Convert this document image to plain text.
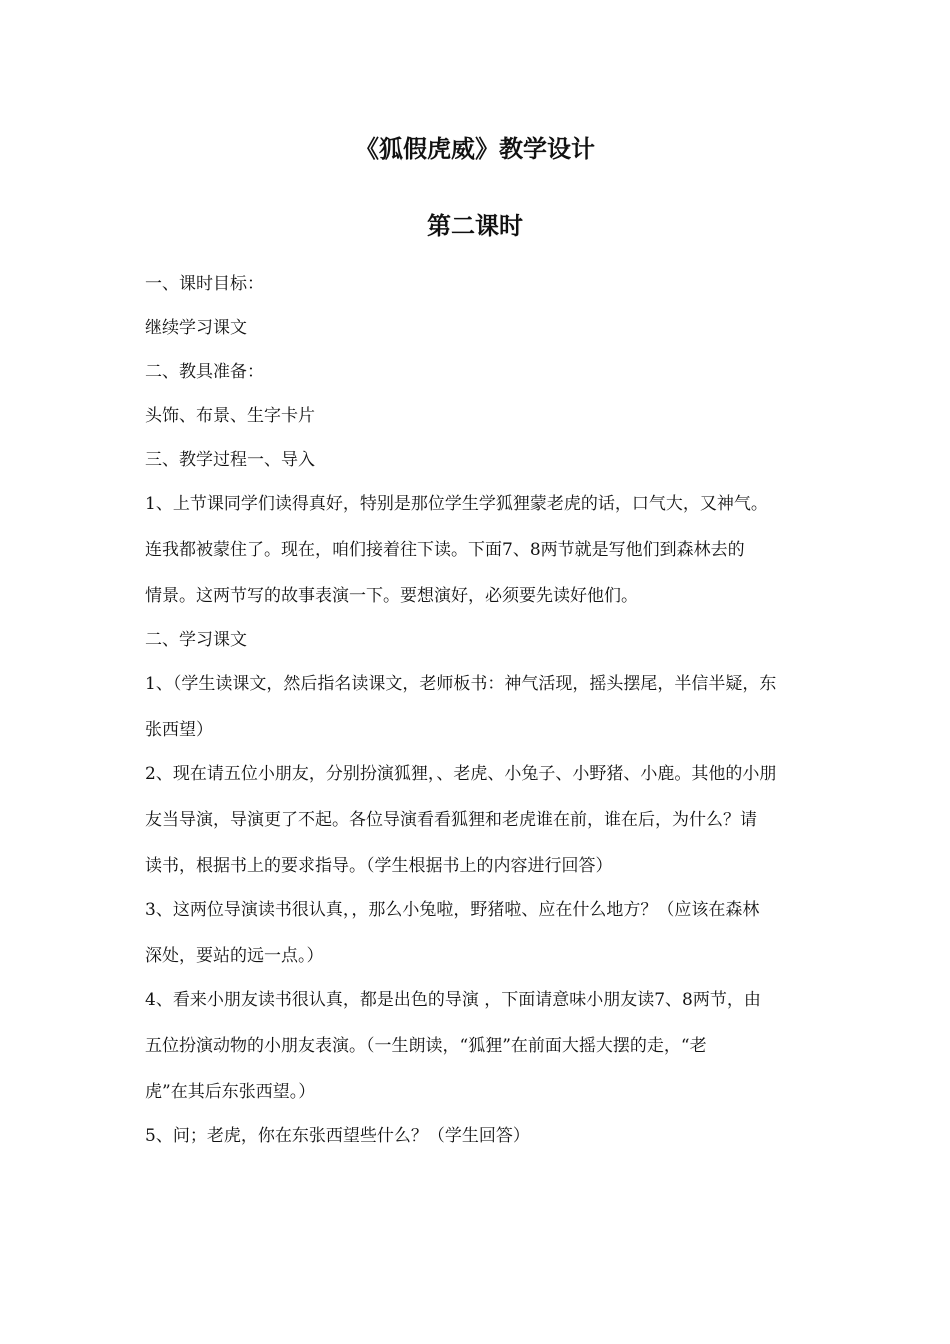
《狐假虎威》教学设计
第二课时

一、课时目标：

继续学习课文

二、教具准备：

头饰、布景、生字卡片

三、教学过程一、导入

1、上节课同学们读得真好，特别是那位学生学狐狸蒙老虎的话，口气大，又神气。

连我都被蒙住了。现在，咱们接着往下读。下面7、8两节就是写他们到森林去的

情景。这两节写的故事表演一下。要想演好，必须要先读好他们。

二、学习课文

1、（学生读课文，然后指名读课文，老师板书：神气活现，摇头摆尾，半信半疑，东

张西望）

2、现在请五位小朋友，分别扮演狐狸，、老虎、小兔子、小野猪、小鹿。其他的小朋

友当导演，导演更了不起。各位导演看看狐狸和老虎谁在前，谁在后，为什么？请

读书，根据书上的要求指导。（学生根据书上的内容进行回答）

3、这两位导演读书很认真，，那么小兔啦，野猪啦、应在什么地方？（应该在森林

深处，要站的远一点。）

4、看来小朋友读书很认真，都是出色的导演 ，下面请意味小朋友读7、8两节，由

五位扮演动物的小朋友表演。（一生朗读，“狐狸”在前面大摇大摆的走，“老

虎”在其后东张西望。）

5、问；老虎，你在东张西望些什么？（学生回答）
